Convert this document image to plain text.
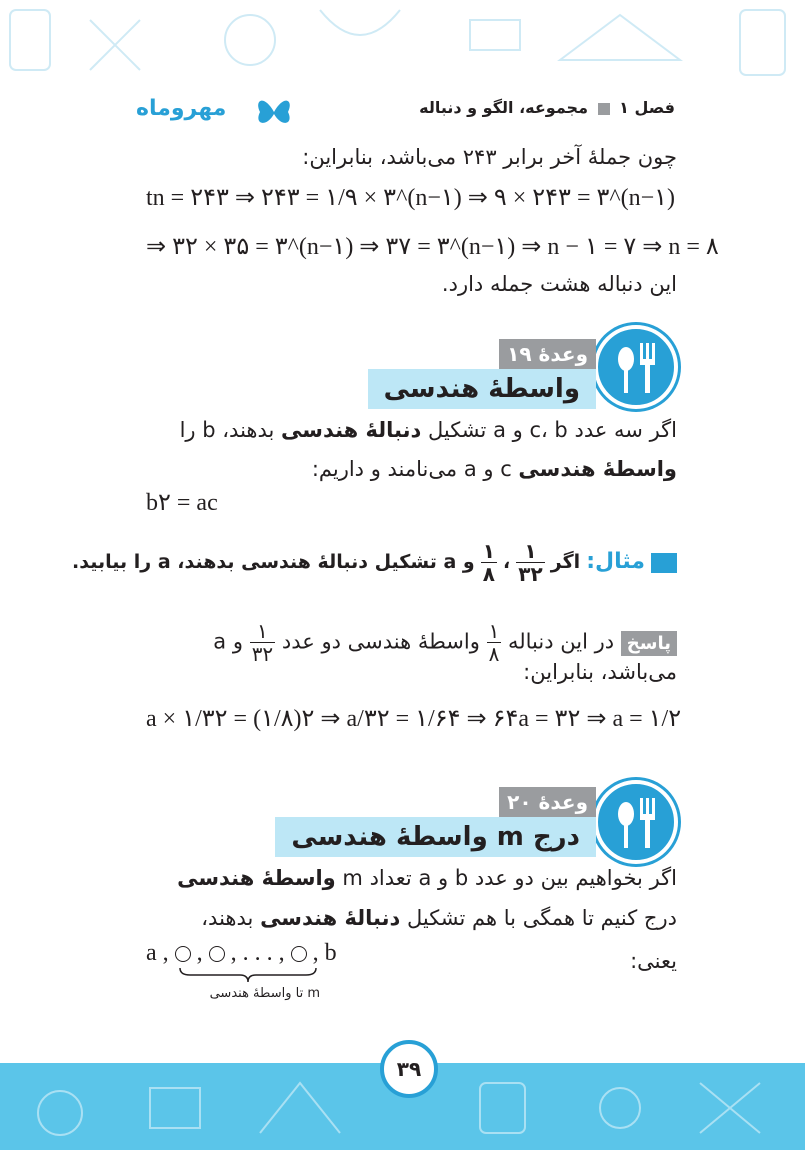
مهروماه	فصل ۱  مجموعه، الگو و دنباله
چون جملهٔ آخر برابر ۲۴۳ می‌باشد، بنابراین:
tn = ۲۴۳ ⇒ ۲۴۳ = ۱/۹ × ۳^(n−۱) ⇒ ۹ × ۲۴۳ = ۳^(n−۱)
⇒ ۳۲ × ۳۵ = ۳^(n−۱) ⇒ ۳۷ = ۳^(n−۱) ⇒ n − ۱ = ۷ ⇒ n = ۸
این دنباله هشت جمله دارد.
وعدهٔ ۱۹
واسطهٔ هندسی
اگر سه عدد c، b و a تشکیل دنبالهٔ هندسی بدهند، b را
واسطهٔ هندسی c و a می‌نامند و داریم:
b۲ = ac
مثال: اگر
$\frac{۱}{۳۲}$
،
$\frac{۱}{۸}$
و a تشکیل دنبالهٔ هندسی بدهند، a را بیابید.
پاسخ در این دنباله
$\frac{۱}{۸}$
واسطهٔ هندسی دو عدد
$\frac{۱}{۳۲}$
و a
می‌باشد، بنابراین:
a × ۱/۳۲ = (۱/۸)۲ ⇒ a/۳۲ = ۱/۶۴ ⇒ ۶۴a = ۳۲ ⇒ a = ۱/۲
وعدهٔ ۲۰
درج m واسطهٔ هندسی
اگر بخواهیم بین دو عدد b و a تعداد m واسطهٔ هندسی
درج کنیم تا همگی با هم تشکیل دنبالهٔ هندسی بدهند،
یعنی:
a ,  ,  , . . . , , b
m تا واسطهٔ هندسی
۳۹
